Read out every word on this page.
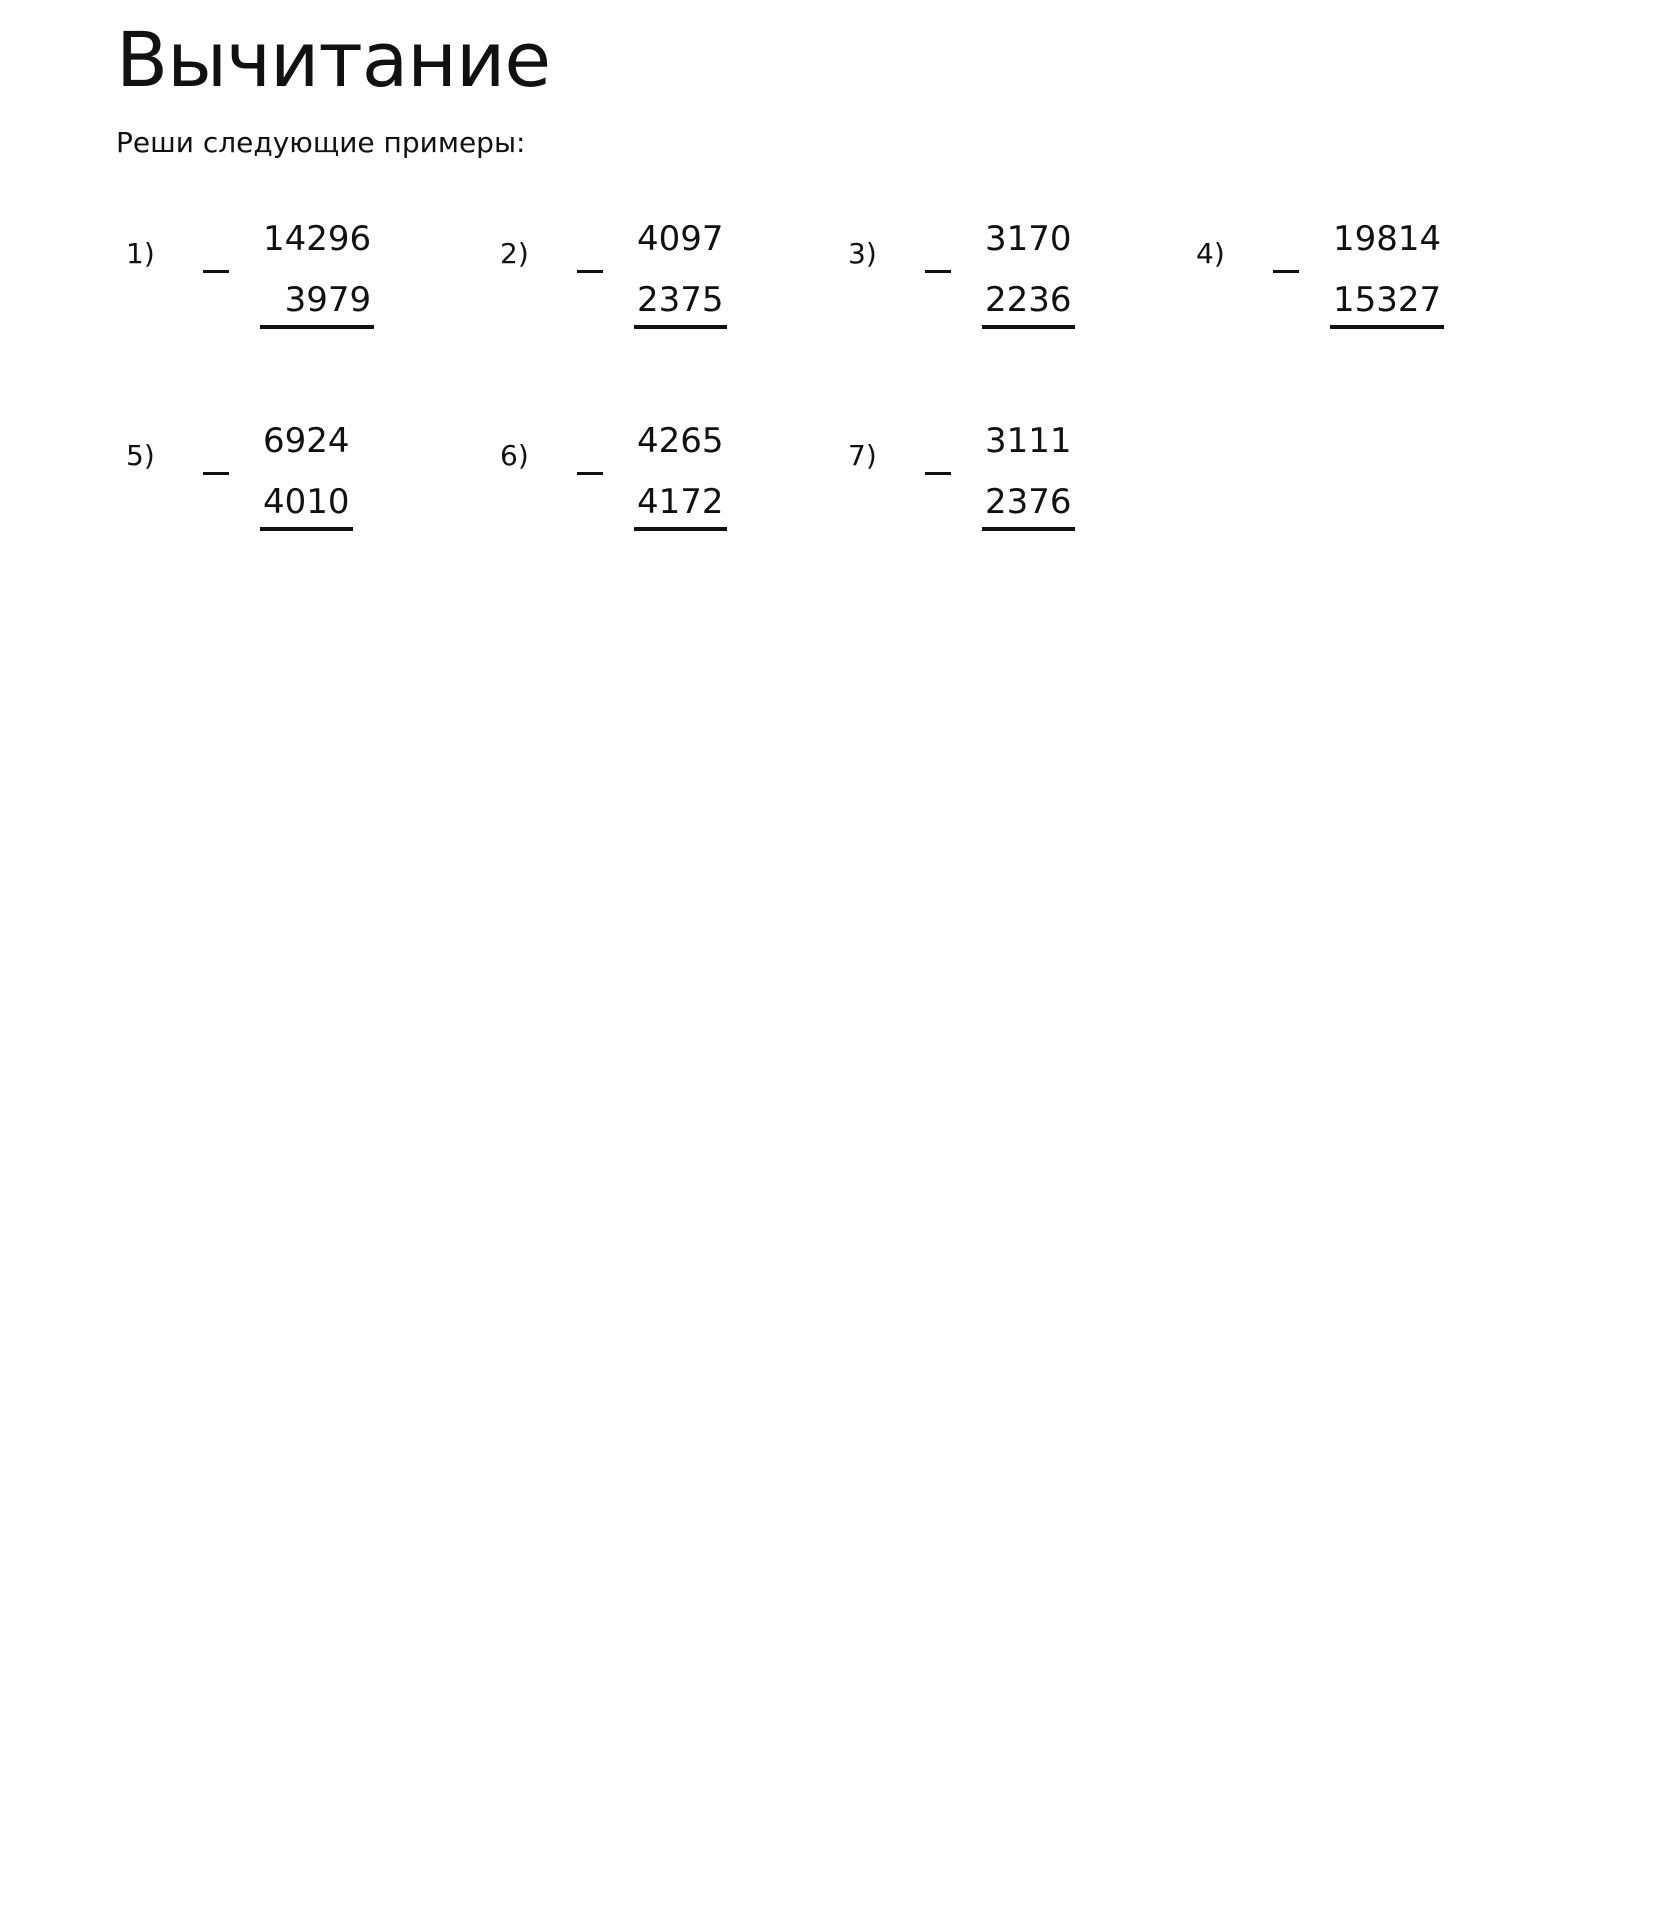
Вычитание

Реши следующие примеры:

1)	14296
3979
2)	4097
2375
3)	3170
2236
4)	19814
15327
5)	6924
4010
6)	4265
4172
7)	3111
2376
